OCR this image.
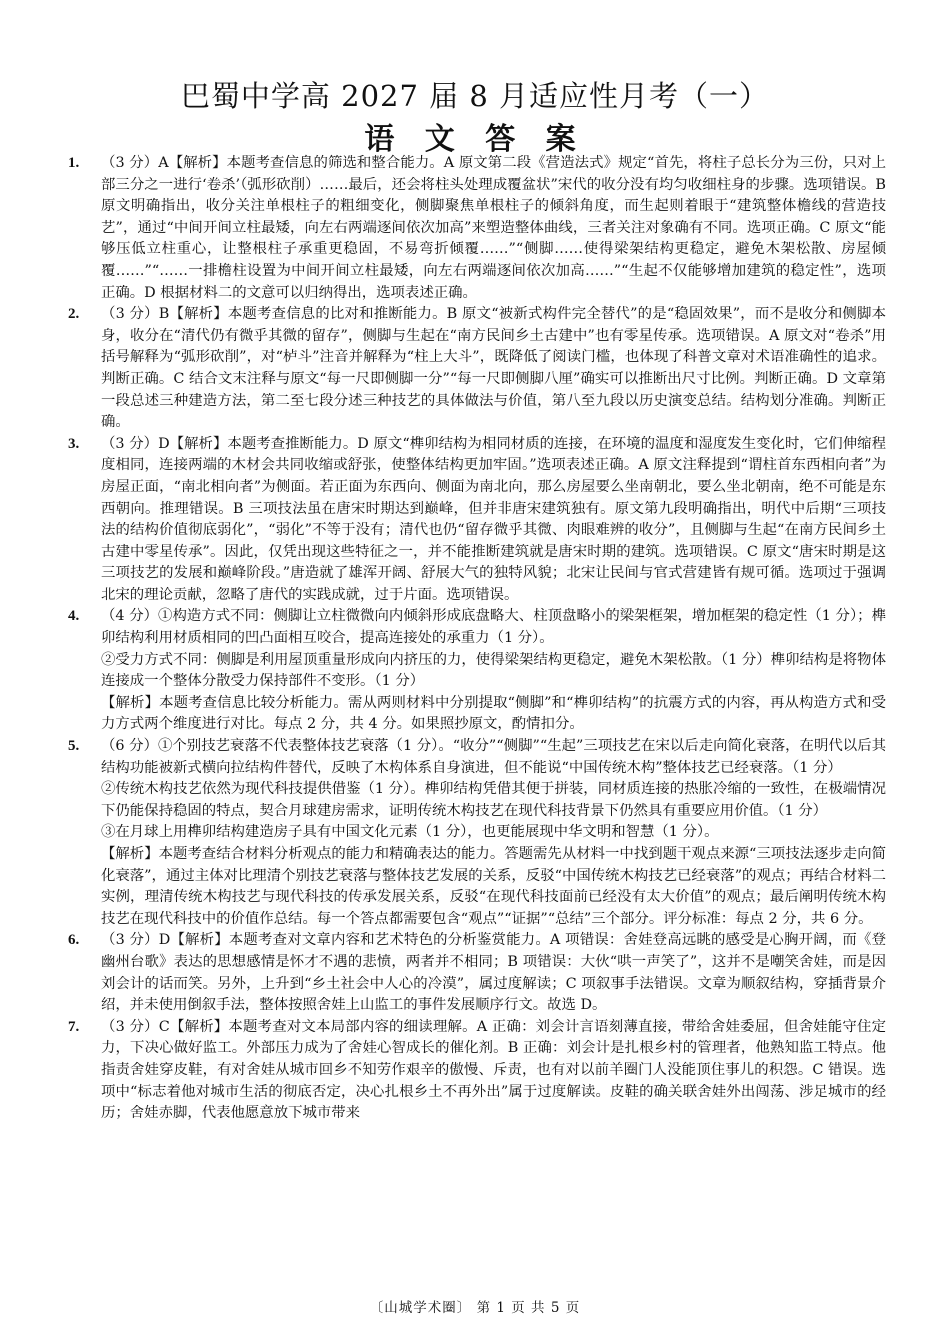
巴蜀中学高 2027 届 8 月适应性月考（一）
语 文 答 案
1. （3 分）A【解析】本题考查信息的筛选和整合能力。A 原文第二段《营造法式》规定“首先，将柱子总长分为三份，只对上部三分之一进行‘卷杀’（弧形砍削）……最后，还会将柱头处理成覆盆状”宋代的收分没有均匀收细柱身的步骤。选项错误。B 原文明确指出，收分关注单根柱子的粗细变化，侧脚聚焦单根柱子的倾斜角度，而生起则着眼于“建筑整体檐线的营造技艺”，通过“中间开间立柱最矮，向左右两端逐间依次加高”来塑造整体曲线，三者关注对象确有不同。选项正确。C 原文“能够压低立柱重心，让整根柱子承重更稳固，不易弯折倾覆……”“侧脚……使得梁架结构更稳定，避免木架松散、房屋倾覆……”“……一排檐柱设置为中间开间立柱最矮，向左右两端逐间依次加高……”“生起不仅能够增加建筑的稳定性”，选项正确。D 根据材料二的文意可以归纳得出，选项表述正确。

2. （3 分）B【解析】本题考查信息的比对和推断能力。B 原文“被新式构件完全替代”的是“稳固效果”，而不是收分和侧脚本身，收分在“清代仍有微乎其微的留存”，侧脚与生起在“南方民间乡土古建中”也有零星传承。选项错误。A 原文对“卷杀”用括号解释为“弧形砍削”，对“栌斗”注音并解释为“柱上大斗”，既降低了阅读门槛，也体现了科普文章对术语准确性的追求。判断正确。C 结合文末注释与原文“每一尺即侧脚一分”“每一尺即侧脚八厘”确实可以推断出尺寸比例。判断正确。D 文章第一段总述三种建造方法，第二至七段分述三种技艺的具体做法与价值，第八至九段以历史演变总结。结构划分准确。判断正确。

3. （3 分）D【解析】本题考查推断能力。D 原文“榫卯结构为相同材质的连接，在环境的温度和湿度发生变化时，它们伸缩程度相同，连接两端的木材会共同收缩或舒张，使整体结构更加牢固。”选项表述正确。A 原文注释提到“谓柱首东西相向者”为房屋正面，“南北相向者”为侧面。若正面为东西向、侧面为南北向，那么房屋要么坐南朝北，要么坐北朝南，绝不可能是东西朝向。推理错误。B 三项技法虽在唐宋时期达到巅峰，但并非唐宋建筑独有。原文第九段明确指出，明代中后期“三项技法的结构价值彻底弱化”，“弱化”不等于没有；清代也仍“留存微乎其微、肉眼难辨的收分”，且侧脚与生起“在南方民间乡土古建中零星传承”。因此，仅凭出现这些特征之一，并不能推断建筑就是唐宋时期的建筑。选项错误。C 原文“唐宋时期是这三项技艺的发展和巅峰阶段。”唐造就了雄浑开阔、舒展大气的独特风貌；北宋让民间与官式营建皆有规可循。选项过于强调北宋的理论贡献，忽略了唐代的实践成就，过于片面。选项错误。

4. （4 分）①构造方式不同：侧脚让立柱微微向内倾斜形成底盘略大、柱顶盘略小的梁架框架，增加框架的稳定性（1 分）；榫卯结构利用材质相同的凹凸面相互咬合，提高连接处的承重力（1 分）。

②受力方式不同：侧脚是利用屋顶重量形成向内挤压的力，使得梁架结构更稳定，避免木架松散。（1 分）榫卯结构是将物体连接成一个整体分散受力保持部件不变形。（1 分）

【解析】本题考查信息比较分析能力。需从两则材料中分别提取“侧脚”和“榫卯结构”的抗震方式的内容，再从构造方式和受力方式两个维度进行对比。每点 2 分，共 4 分。如果照抄原文，酌情扣分。

5. （6 分）①个别技艺衰落不代表整体技艺衰落（1 分）。“收分”“侧脚”“生起”三项技艺在宋以后走向简化衰落，在明代以后其结构功能被新式横向拉结构件替代，反映了木构体系自身演进，但不能说“中国传统木构”整体技艺已经衰落。（1 分）

②传统木构技艺依然为现代科技提供借鉴（1 分）。榫卯结构凭借其便于拼装，同材质连接的热胀冷缩的一致性，在极端情况下仍能保持稳固的特点，契合月球建房需求，证明传统木构技艺在现代科技背景下仍然具有重要应用价值。（1 分）

③在月球上用榫卯结构建造房子具有中国文化元素（1 分），也更能展现中华文明和智慧（1 分）。

【解析】本题考查结合材料分析观点的能力和精确表达的能力。答题需先从材料一中找到题干观点来源“三项技法逐步走向简化衰落”，通过主体对比理清个别技艺衰落与整体技艺发展的关系，反驳“中国传统木构技艺已经衰落”的观点；再结合材料二实例，理清传统木构技艺与现代科技的传承发展关系，反驳“在现代科技面前已经没有太大价值”的观点；最后阐明传统木构技艺在现代科技中的价值作总结。每一个答点都需要包含“观点”“证据”“总结”三个部分。评分标准：每点 2 分，共 6 分。

6. （3 分）D【解析】本题考查对文章内容和艺术特色的分析鉴赏能力。A 项错误：舍娃登高远眺的感受是心胸开阔，而《登幽州台歌》表达的思想感情是怀才不遇的悲愤，两者并不相同；B 项错误：大伙“哄一声笑了”，这并不是嘲笑舍娃，而是因刘会计的话而笑。另外，上升到“乡土社会中人心的冷漠”，属过度解读；C 项叙事手法错误。文章为顺叙结构，穿插背景介绍，并未使用倒叙手法，整体按照舍娃上山监工的事件发展顺序行文。故选 D。

7. （3 分）C【解析】本题考查对文本局部内容的细读理解。A 正确：刘会计言语刻薄直接，带给舍娃委屈，但舍娃能守住定力，下决心做好监工。外部压力成为了舍娃心智成长的催化剂。B 正确：刘会计是扎根乡村的管理者，他熟知监工特点。他指责舍娃穿皮鞋，有对舍娃从城市回乡不知劳作艰辛的傲慢、斥责，也有对以前羊圈门人没能顶住事儿的积怨。C 错误。选项中“标志着他对城市生活的彻底否定，决心扎根乡土不再外出”属于过度解读。皮鞋的确关联舍娃外出闯荡、涉足城市的经历；舍娃赤脚，代表他愿意放下城市带来

〔山城学术圈〕 第 1 页 共 5 页
